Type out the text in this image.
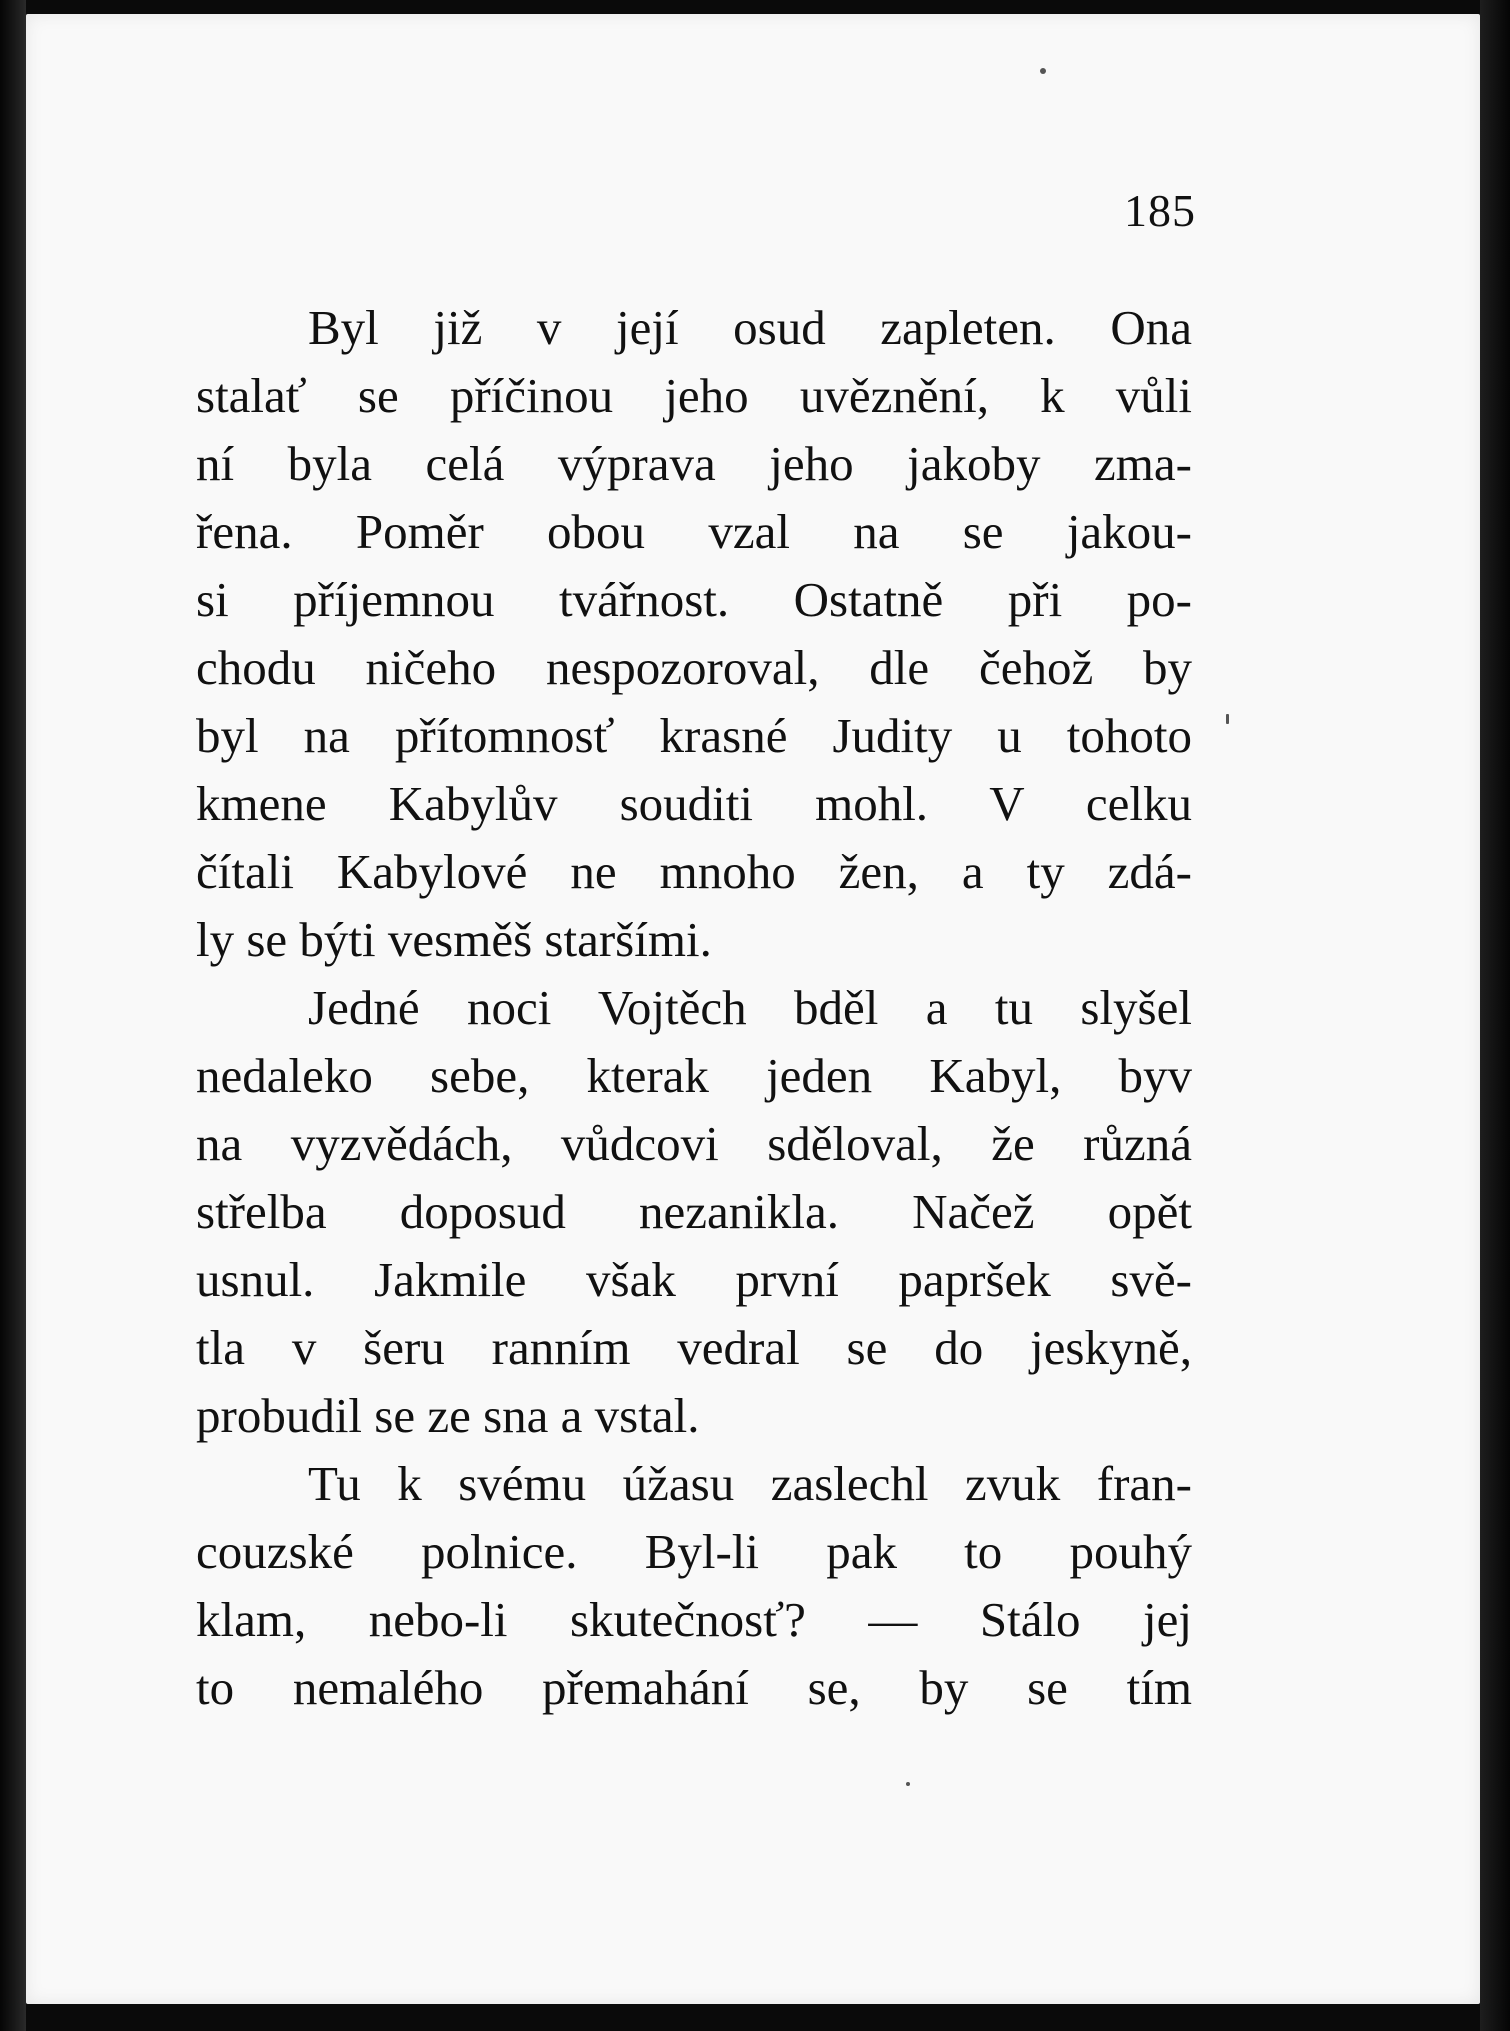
185
Byl již v její osud zapleten. Ona
stalať se příčinou jeho uvěznění, k vůli
ní byla celá výprava jeho jakoby zma-
řena. Poměr obou vzal na se jakou-
si příjemnou tvářnost. Ostatně při po-
chodu ničeho nespozoroval, dle čehož by
byl na přítomnosť krasné Judity u tohoto
kmene Kabylův souditi mohl. V celku
čítali Kabylové ne mnoho žen, a ty zdá-
ly se býti vesměš staršími.
Jedné noci Vojtěch bděl a tu slyšel
nedaleko sebe, kterak jeden Kabyl, byv
na vyzvědách, vůdcovi sděloval, že různá
střelba doposud nezanikla. Načež opět
usnul. Jakmile však první papršek svě-
tla v šeru ranním vedral se do jeskyně,
probudil se ze sna a vstal.
Tu k svému úžasu zaslechl zvuk fran-
couzské polnice. Byl-li pak to pouhý
klam, nebo-li skutečnosť? — Stálo jej
to nemalého přemahání se, by se tím
